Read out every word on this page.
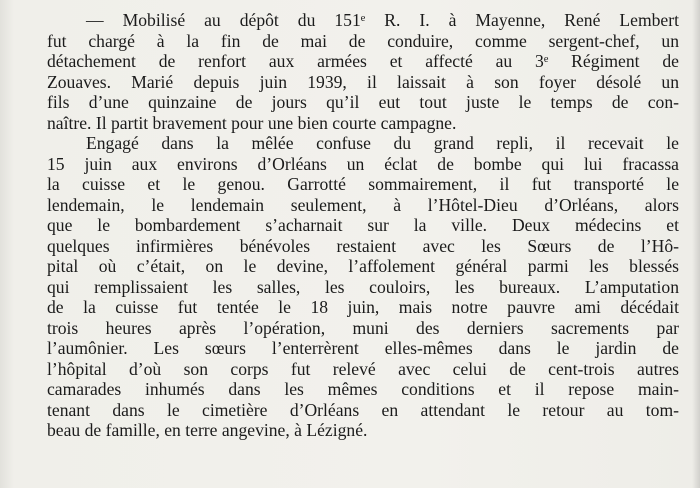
— Mobilisé au dépôt du 151ᵉ R. I. à Mayenne, René Lembert
fut chargé à la fin de mai de conduire, comme sergent-chef, un
détachement de renfort aux armées et affecté au 3ᵉ Régiment de
Zouaves. Marié depuis juin 1939, il laissait à son foyer désolé un
fils d’une quinzaine de jours qu’il eut tout juste le temps de con-
naître. Il partit bravement pour une bien courte campagne.
Engagé dans la mêlée confuse du grand repli, il recevait le
15 juin aux environs d’Orléans un éclat de bombe qui lui fracassa
la cuisse et le genou. Garrotté sommairement, il fut transporté le
lendemain, le lendemain seulement, à l’Hôtel-Dieu d’Orléans, alors
que le bombardement s’acharnait sur la ville. Deux médecins et
quelques infirmières bénévoles restaient avec les Sœurs de l’Hô-
pital où c’était, on le devine, l’affolement général parmi les blessés
qui remplissaient les salles, les couloirs, les bureaux. L’amputation
de la cuisse fut tentée le 18 juin, mais notre pauvre ami décédait
trois heures après l’opération, muni des derniers sacrements par
l’aumônier. Les sœurs l’enterrèrent elles-mêmes dans le jardin de
l’hôpital d’où son corps fut relevé avec celui de cent-trois autres
camarades inhumés dans les mêmes conditions et il repose main-
tenant dans le cimetière d’Orléans en attendant le retour au tom-
beau de famille, en terre angevine, à Lézigné.
